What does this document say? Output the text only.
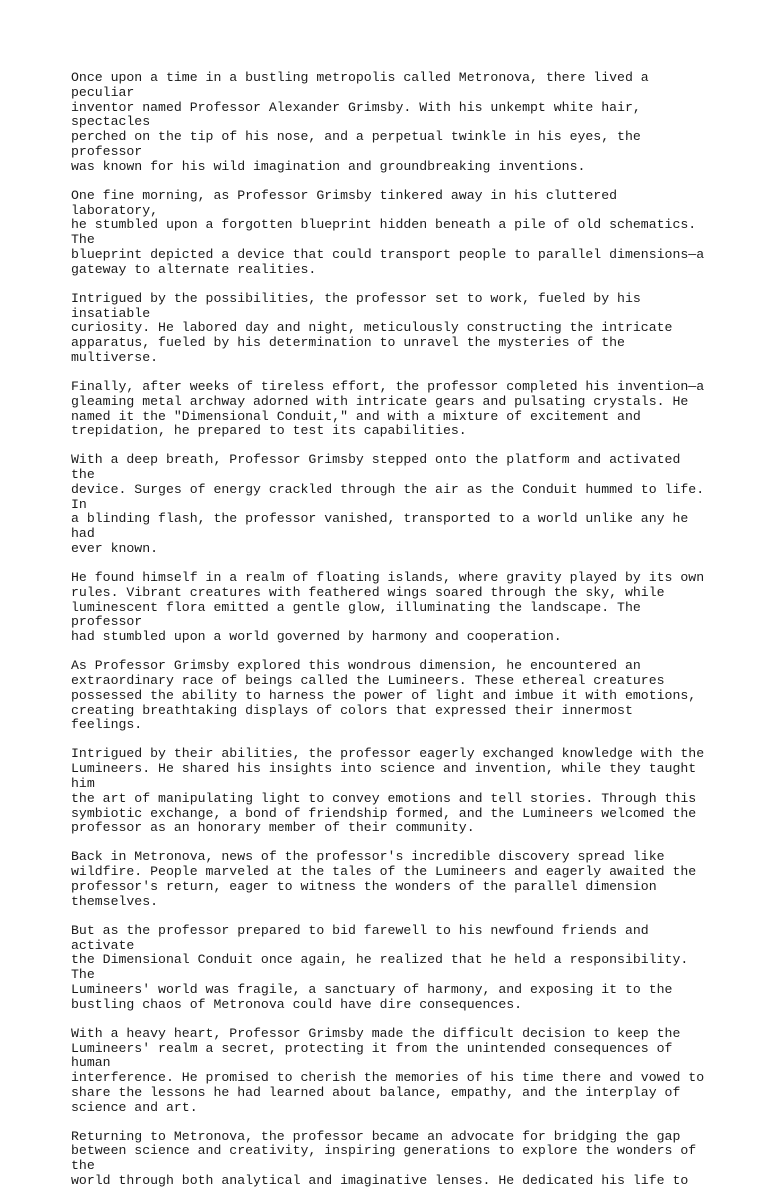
Once upon a time in a bustling metropolis called Metronova, there lived a peculiar
inventor named Professor Alexander Grimsby. With his unkempt white hair, spectacles
perched on the tip of his nose, and a perpetual twinkle in his eyes, the professor
was known for his wild imagination and groundbreaking inventions.

One fine morning, as Professor Grimsby tinkered away in his cluttered laboratory,
he stumbled upon a forgotten blueprint hidden beneath a pile of old schematics. The
blueprint depicted a device that could transport people to parallel dimensions—a
gateway to alternate realities.

Intrigued by the possibilities, the professor set to work, fueled by his insatiable
curiosity. He labored day and night, meticulously constructing the intricate
apparatus, fueled by his determination to unravel the mysteries of the multiverse.

Finally, after weeks of tireless effort, the professor completed his invention—a
gleaming metal archway adorned with intricate gears and pulsating crystals. He
named it the "Dimensional Conduit," and with a mixture of excitement and
trepidation, he prepared to test its capabilities.

With a deep breath, Professor Grimsby stepped onto the platform and activated the
device. Surges of energy crackled through the air as the Conduit hummed to life. In
a blinding flash, the professor vanished, transported to a world unlike any he had
ever known.

He found himself in a realm of floating islands, where gravity played by its own
rules. Vibrant creatures with feathered wings soared through the sky, while
luminescent flora emitted a gentle glow, illuminating the landscape. The professor
had stumbled upon a world governed by harmony and cooperation.

As Professor Grimsby explored this wondrous dimension, he encountered an
extraordinary race of beings called the Lumineers. These ethereal creatures
possessed the ability to harness the power of light and imbue it with emotions,
creating breathtaking displays of colors that expressed their innermost feelings.

Intrigued by their abilities, the professor eagerly exchanged knowledge with the
Lumineers. He shared his insights into science and invention, while they taught him
the art of manipulating light to convey emotions and tell stories. Through this
symbiotic exchange, a bond of friendship formed, and the Lumineers welcomed the
professor as an honorary member of their community.

Back in Metronova, news of the professor's incredible discovery spread like
wildfire. People marveled at the tales of the Lumineers and eagerly awaited the
professor's return, eager to witness the wonders of the parallel dimension
themselves.

But as the professor prepared to bid farewell to his newfound friends and activate
the Dimensional Conduit once again, he realized that he held a responsibility. The
Lumineers' world was fragile, a sanctuary of harmony, and exposing it to the
bustling chaos of Metronova could have dire consequences.

With a heavy heart, Professor Grimsby made the difficult decision to keep the
Lumineers' realm a secret, protecting it from the unintended consequences of human
interference. He promised to cherish the memories of his time there and vowed to
share the lessons he had learned about balance, empathy, and the interplay of
science and art.

Returning to Metronova, the professor became an advocate for bridging the gap
between science and creativity, inspiring generations to explore the wonders of the
world through both analytical and imaginative lenses. He dedicated his life to
